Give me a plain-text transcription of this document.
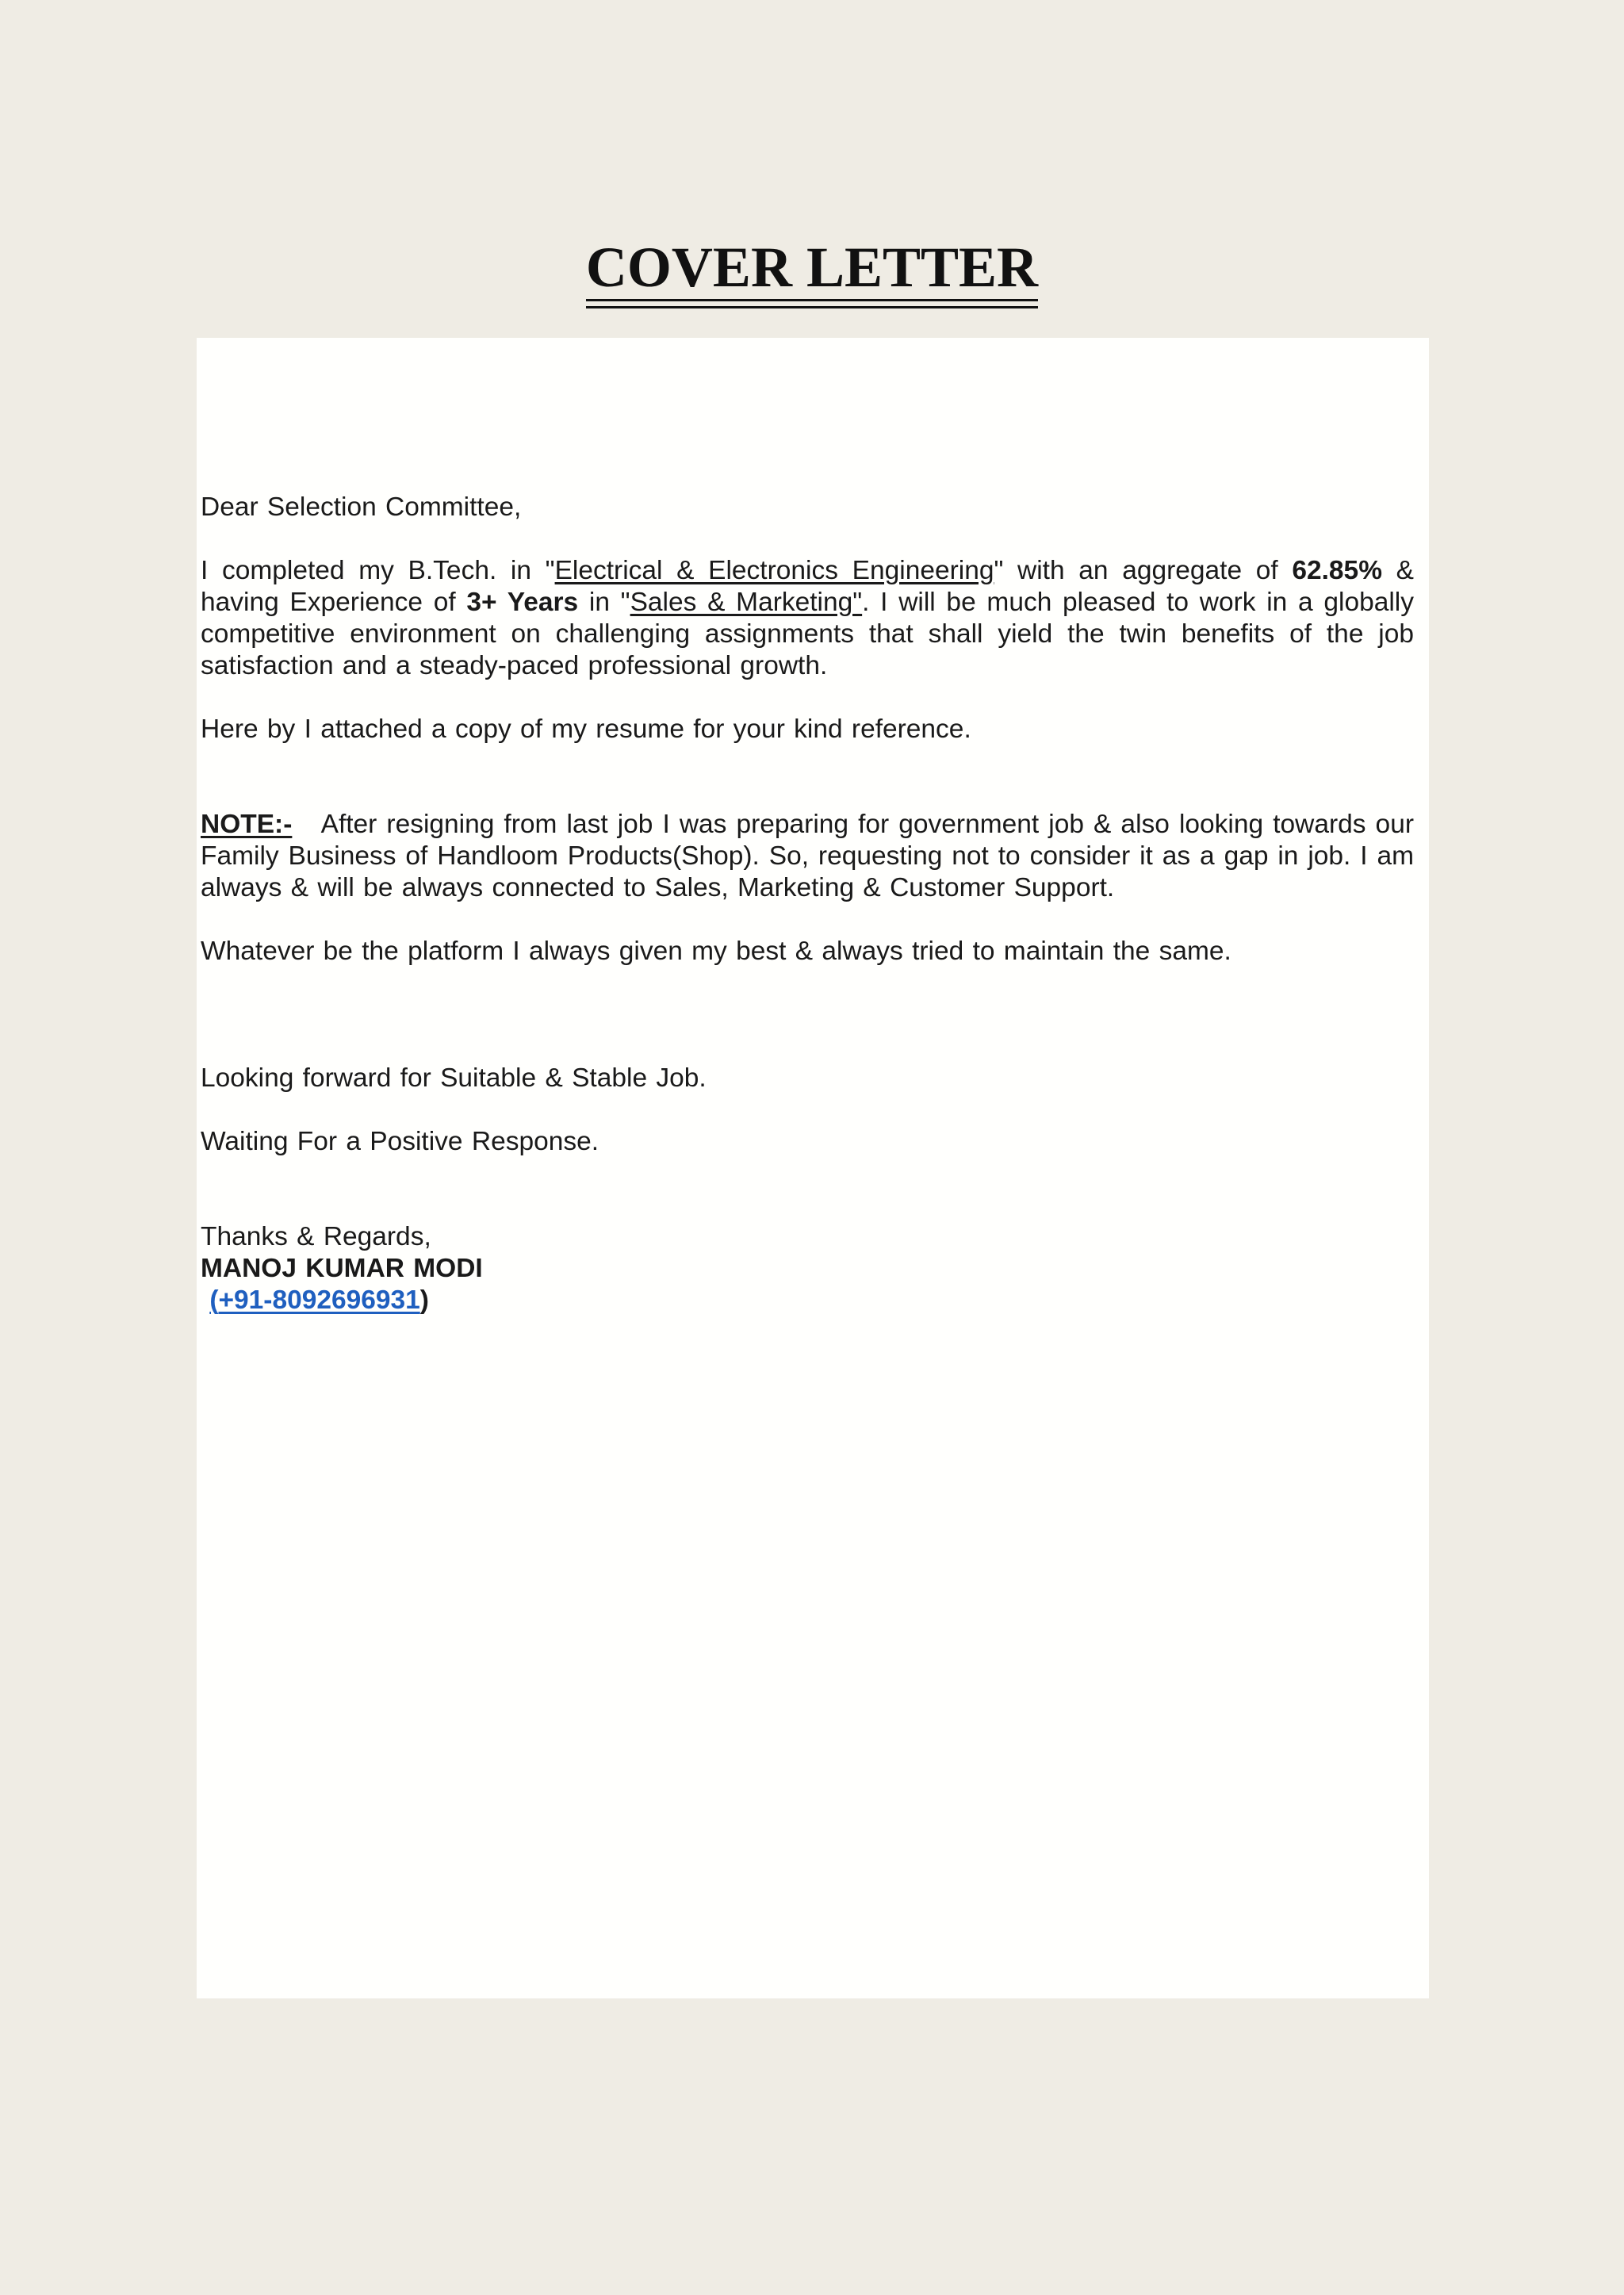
COVER LETTER

Dear Selection Committee,

I completed my B.Tech. in "Electrical & Electronics Engineering" with an aggregate of 62.85% & having Experience of 3+ Years in "Sales & Marketing". I will be much pleased to work in a globally competitive environment on challenging assignments that shall yield the twin benefits of the job satisfaction and a steady-paced professional growth.

Here by I attached a copy of my resume for your kind reference.

NOTE:- After resigning from last job I was preparing for government job & also looking towards our Family Business of Handloom Products(Shop). So, requesting not to consider it as a gap in job. I am always & will be always connected to Sales, Marketing & Customer Support.

Whatever be the platform I always given my best & always tried to maintain the same.

Looking forward for Suitable & Stable Job.

Waiting For a Positive Response.

Thanks & Regards,

MANOJ KUMAR MODI

(+91-8092696931)
